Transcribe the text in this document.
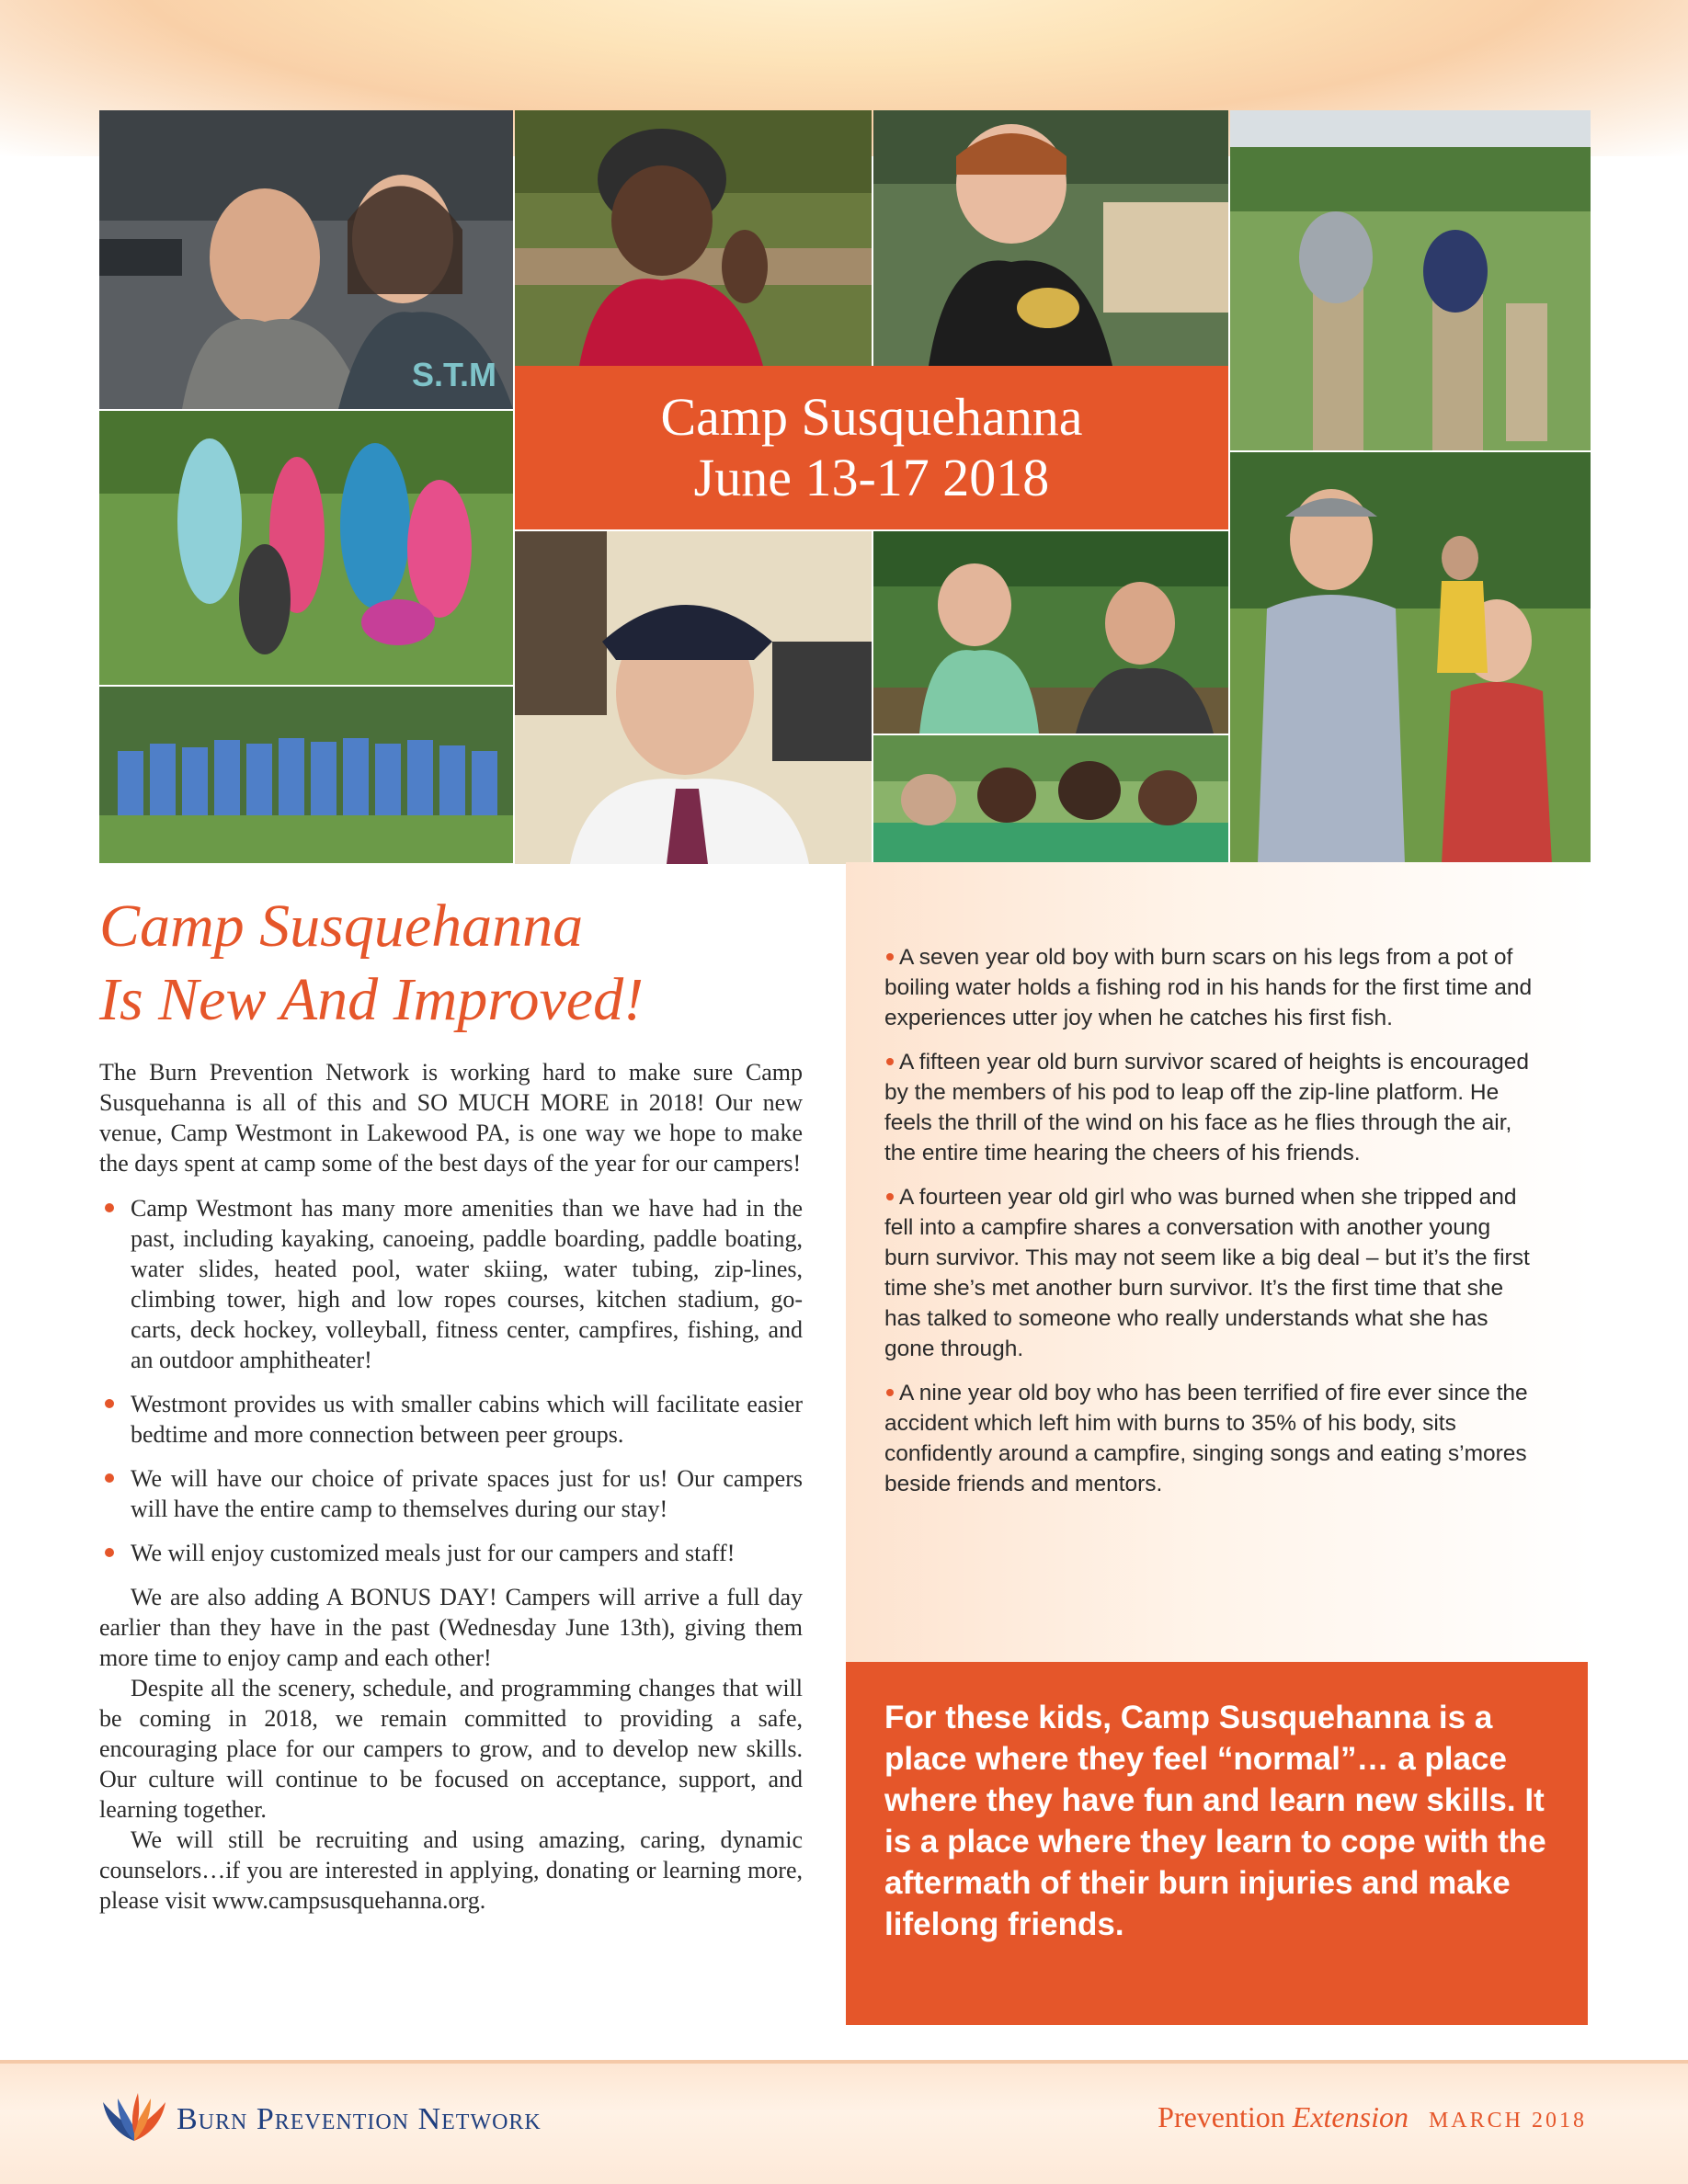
S.T.M
Camp Susquehanna
June 13-17 2018
Camp Susquehanna
Is New And Improved!

The Burn Prevention Network is working hard to make sure Camp Susquehanna is all of this and SO MUCH MORE in 2018! Our new venue, Camp Westmont in Lakewood PA, is one way we hope to make the days spent at camp some of the best days of the year for our campers!

Camp Westmont has many more amenities than we have had in the past, including kayaking, canoeing, paddle boarding, paddle boating, water slides, heated pool, water skiing, water tubing, zip-lines, climbing tower, high and low ropes courses, kitchen stadium, go-carts, deck hockey, volleyball, fitness center, campfires, fishing, and an outdoor amphitheater!
Westmont provides us with smaller cabins which will facilitate easier bedtime and more connection between peer groups.
We will have our choice of private spaces just for us! Our campers will have the entire camp to themselves during our stay!
We will enjoy customized meals just for our campers and staff!

We are also adding A BONUS DAY! Campers will arrive a full day earlier than they have in the past (Wednesday June 13th), giving them more time to enjoy camp and each other!

Despite all the scenery, schedule, and programming changes that will be coming in 2018, we remain committed to providing a safe, encouraging place for our campers to grow, and to develop new skills. Our culture will continue to be focused on acceptance, support, and learning together.

We will still be recruiting and using amazing, caring, dynamic counselors…if you are interested in applying, donating or learning more, please visit www.campsusquehanna.org.

A seven year old boy with burn scars on his legs from a pot of boiling water holds a fishing rod in his hands for the first time and experiences utter joy when he catches his first fish.

A fifteen year old burn survivor scared of heights is encouraged by the members of his pod to leap off the zip-line platform. He feels the thrill of the wind on his face as he flies through the air, the entire time hearing the cheers of his friends.

A fourteen year old girl who was burned when she tripped and fell into a campfire shares a conversation with another young burn survivor. This may not seem like a big deal – but it’s the first time she’s met another burn survivor. It’s the first time that she has talked to someone who really understands what she has gone through.

A nine year old boy who has been terrified of fire ever since the accident which left him with burns to 35% of his body, sits confidently around a campfire, singing songs and eating s’mores beside friends and mentors.

For these kids, Camp Susquehanna is a place where they feel “normal”… a place where they have fun and learn new skills. It is a place where they learn to cope with the aftermath of their burn injuries and make lifelong friends.
Burn Prevention Network	Prevention Extension MARCH 2018
